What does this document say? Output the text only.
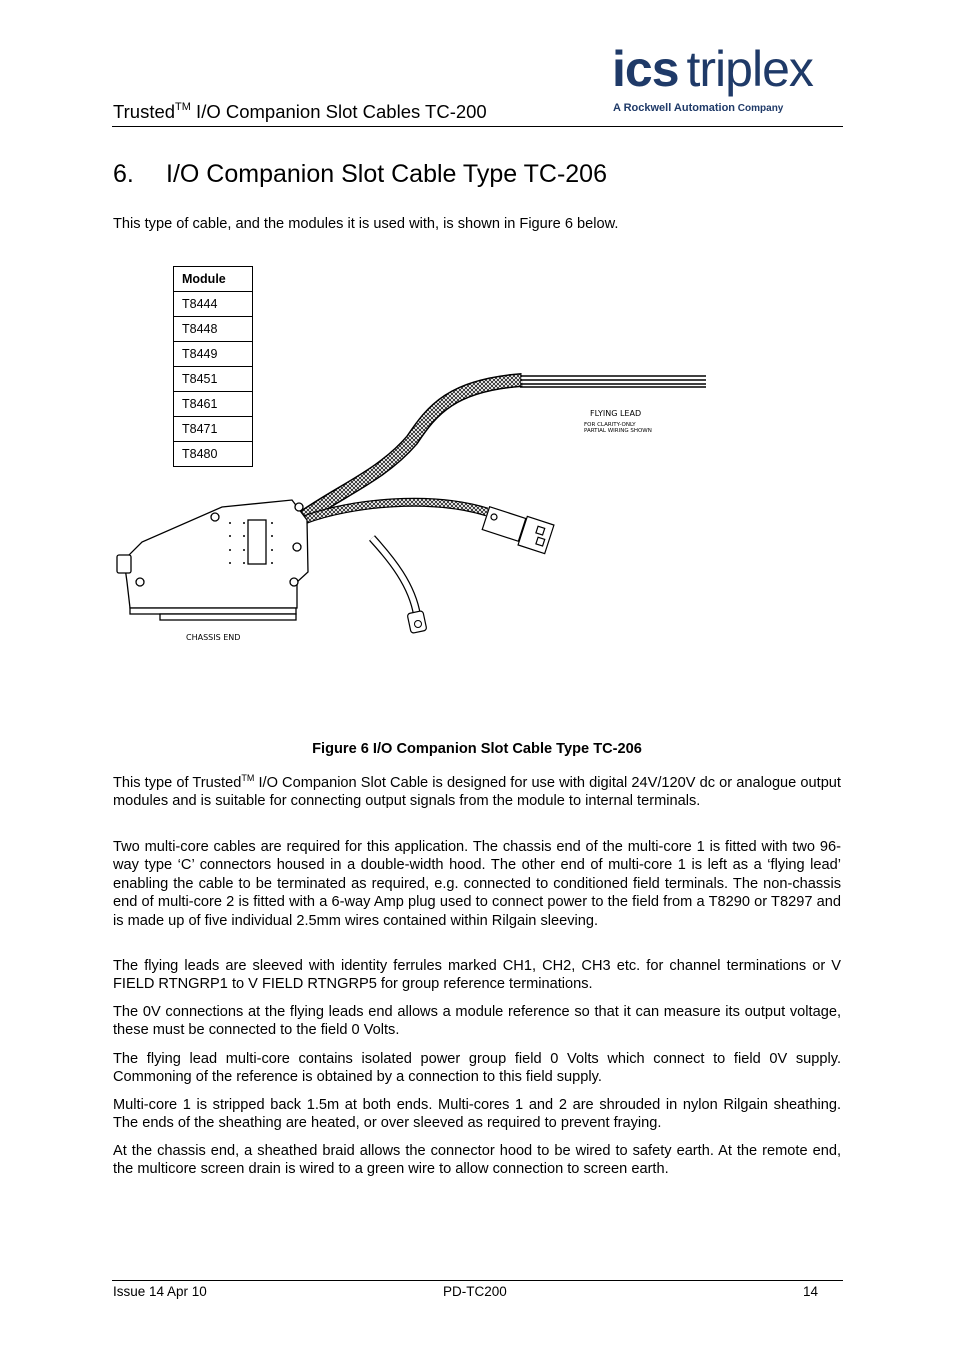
Trusted™ I/O Companion Slot Cables TC-200
ics triplex
A Rockwell Automation Company
6. I/O Companion Slot Cable Type TC-206

This type of cable, and the modules it is used with, is shown in Figure 6 below.

Module
T8444
T8448
T8449
T8451
T8461
T8471
T8480
FLYING LEAD
FOR CLARITY-ONLY
PARTIAL WIRING SHOWN
CHASSIS END
Figure 6 I/O Companion Slot Cable Type TC-206

This type of Trusted™ I/O Companion Slot Cable is designed for use with digital 24V/120V dc or analogue output modules and is suitable for connecting output signals from the module to internal terminals.

Two multi-core cables are required for this application. The chassis end of the multi-core 1 is fitted with two 96-way type ‘C’ connectors housed in a double-width hood. The other end of multi-core 1 is left as a ‘flying lead’ enabling the cable to be terminated as required, e.g. connected to conditioned field terminals. The non-chassis end of multi-core 2 is fitted with a 6-way Amp plug used to connect power to the field from a T8290 or T8297 and is made up of five individual 2.5mm wires contained within Rilgain sleeving.

The flying leads are sleeved with identity ferrules marked CH1, CH2, CH3 etc. for channel terminations or V FIELD RTNGRP1 to V FIELD RTNGRP5 for group reference terminations.

The 0V connections at the flying leads end allows a module reference so that it can measure its output voltage, these must be connected to the field 0 Volts.

The flying lead multi-core contains isolated power group field 0 Volts which connect to field 0V supply. Commoning of the reference is obtained by a connection to this field supply.

Multi-core 1 is stripped back 1.5m at both ends. Multi-cores 1 and 2 are shrouded in nylon Rilgain sheathing. The ends of the sheathing are heated, or over sleeved as required to prevent fraying.

At the chassis end, a sheathed braid allows the connector hood to be wired to safety earth. At the remote end, the multicore screen drain is wired to a green wire to allow connection to screen earth.

Issue 14 Apr 10	PD-TC200	14
